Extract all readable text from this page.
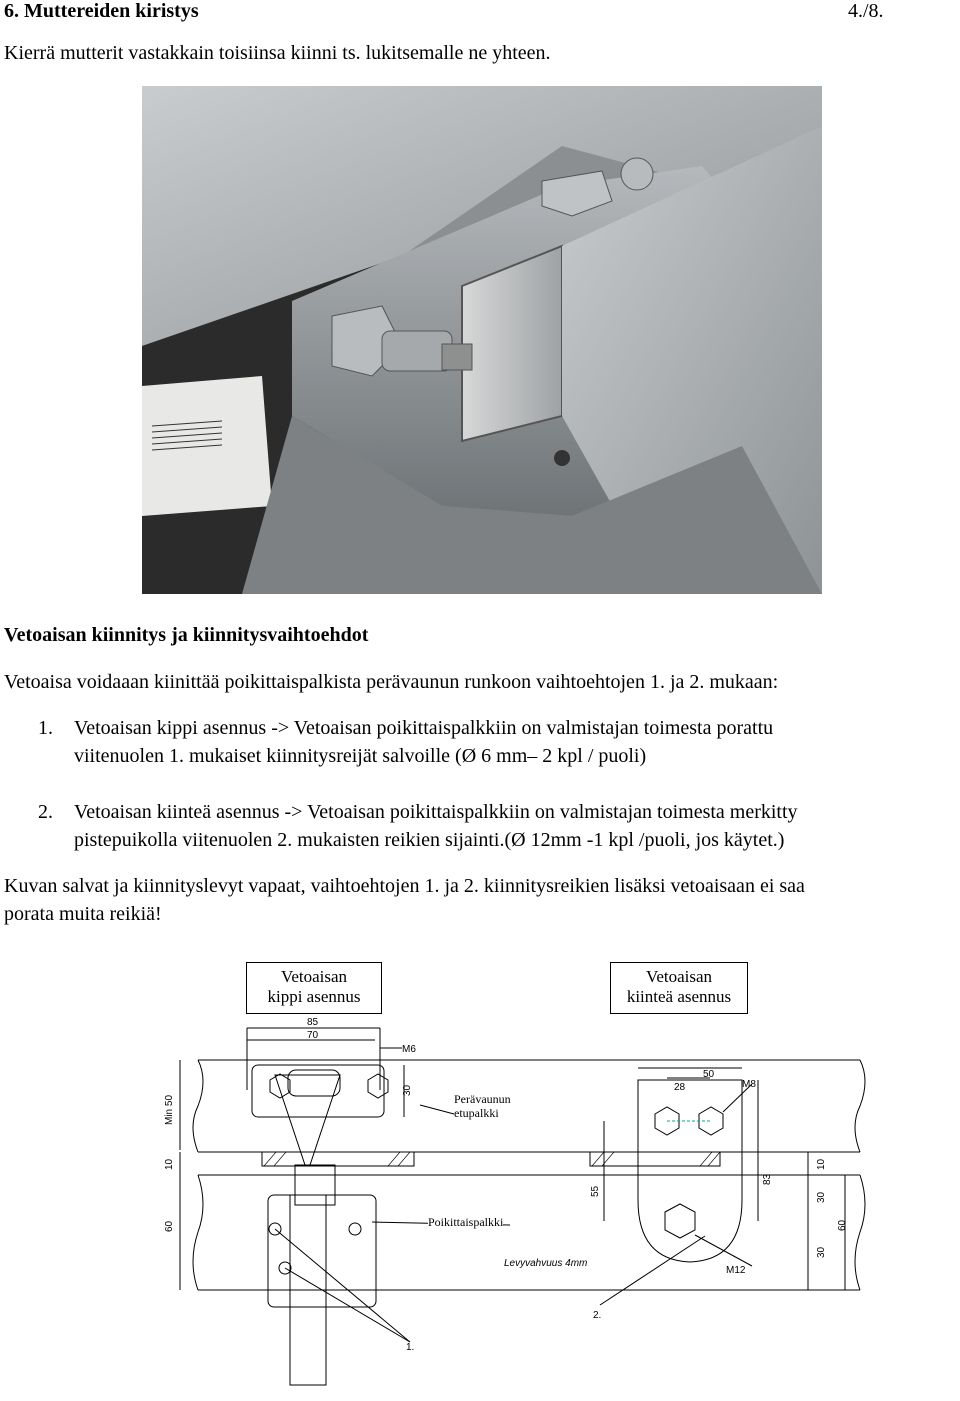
6. Muttereiden kiristys	4./8.
Kierrä mutterit vastakkain toisiinsa kiinni ts. lukitsemalle ne yhteen.
Vetoaisan kiinnitys ja kiinnitysvaihtoehdot
Vetoaisa voidaaan kiinittää poikittaispalkista perävaunun runkoon vaihtoehtojen 1. ja 2. mukaan:
1. Vetoaisan kippi asennus -> Vetoaisan poikittaispalkkiin on valmistajan toimesta porattu
viitenuolen 1. mukaiset kiinnitysreijät salvoille (Ø 6 mm– 2 kpl / puoli)
2. Vetoaisan kiinteä asennus -> Vetoaisan poikittaispalkkiin on valmistajan toimesta merkitty
pistepuikolla viitenuolen 2. mukaisten reikien sijainti.(Ø 12mm -1 kpl /puoli, jos käytet.)
Kuvan salvat ja kiinnityslevyt vapaat, vaihtoehtojen 1. ja 2. kiinnitysreikien lisäksi vetoaisaan ei saa
porata muita reikiä!
Vetoaisan
kippi asennus
Vetoaisan
kiinteä asennus
85
70
M6
50
28	M8
M12
Levyvahvuus 4mm
1.
2.
Min 50
10
60
30
55
83
10
30
60
30
Perävaunun
etupalkki
Poikittaispalkki
